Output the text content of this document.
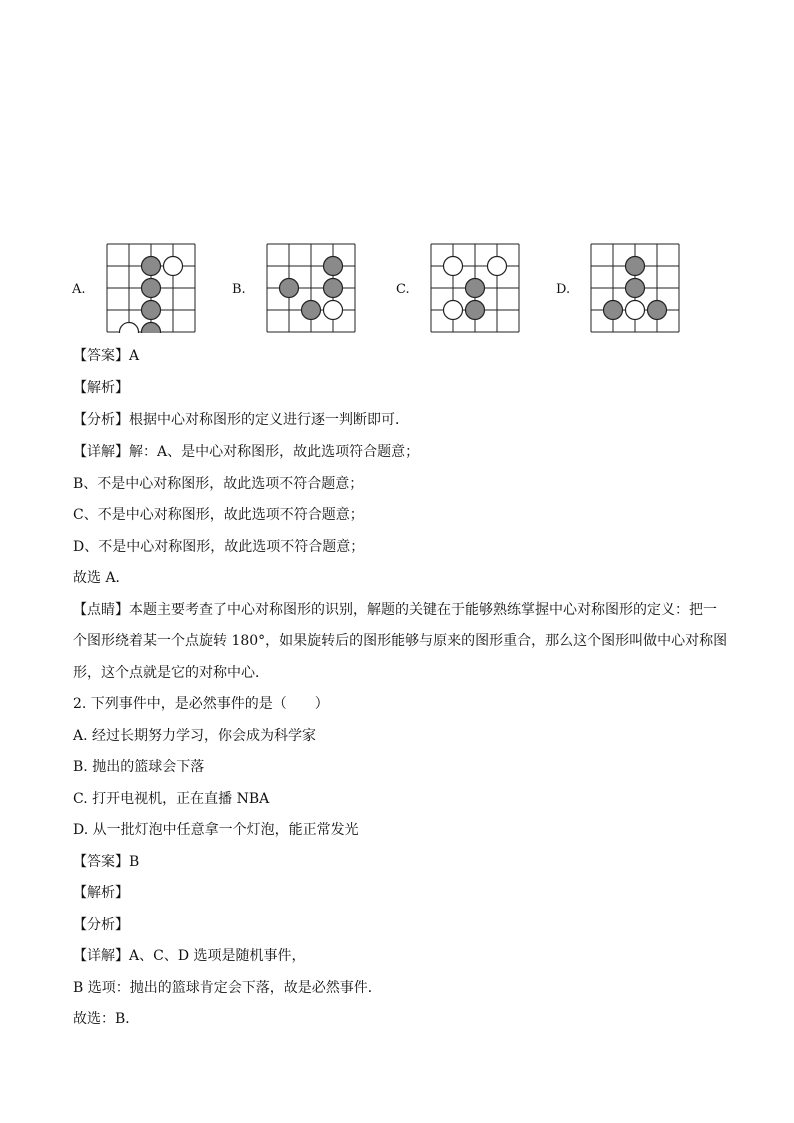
A.	B.	C.	D.
【答案】A
【解析】
【分析】根据中心对称图形的定义进行逐一判断即可．
【详解】解：A、是中心对称图形，故此选项符合题意；
B、不是中心对称图形，故此选项不符合题意；
C、不是中心对称图形，故此选项不符合题意；
D、不是中心对称图形，故此选项不符合题意；
故选 A．
【点睛】本题主要考查了中心对称图形的识别，解题的关键在于能够熟练掌握中心对称图形的定义：把一
个图形绕着某一个点旋转 180°，如果旋转后的图形能够与原来的图形重合，那么这个图形叫做中心对称图
形，这个点就是它的对称中心．
2. 下列事件中，是必然事件的是（　　）
A. 经过长期努力学习，你会成为科学家
B. 抛出的篮球会下落
C. 打开电视机，正在直播 NBA
D. 从一批灯泡中任意拿一个灯泡，能正常发光
【答案】B
【解析】
【分析】
【详解】A、C、D 选项是随机事件，
B 选项：抛出的篮球肯定会下落，故是必然事件．
故选：B．
